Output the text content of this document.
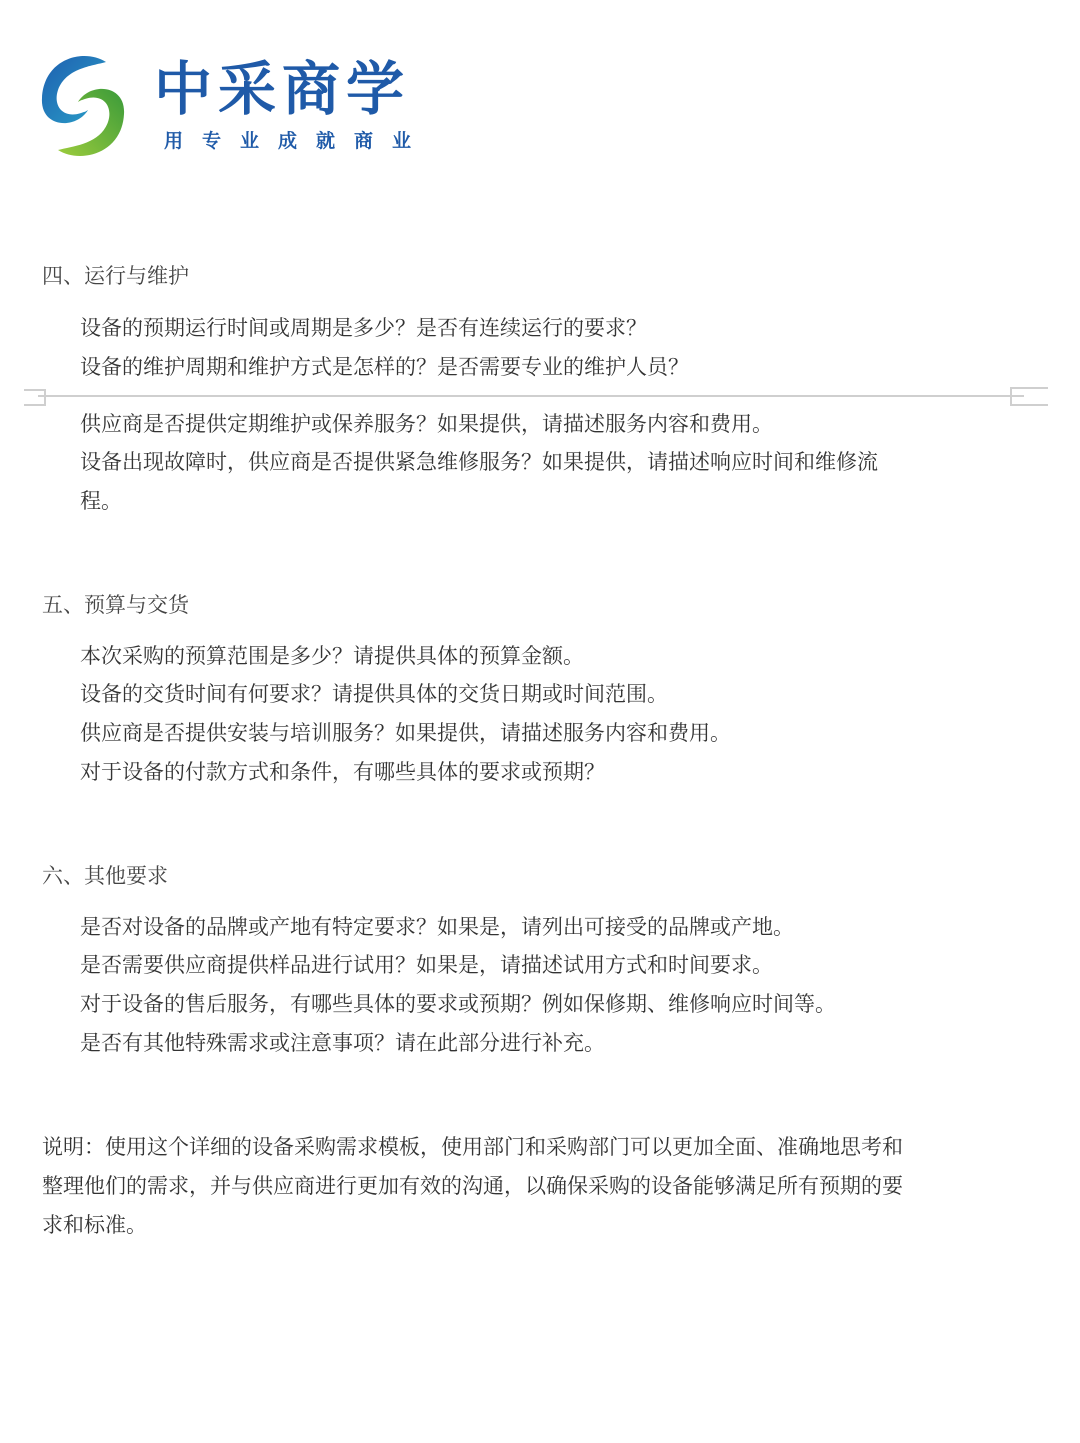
中采商学
用专业成就商业
四、运行与维护
设备的预期运行时间或周期是多少？是否有连续运行的要求？
设备的维护周期和维护方式是怎样的？是否需要专业的维护人员？
供应商是否提供定期维护或保养服务？如果提供，请描述服务内容和费用。
设备出现故障时，供应商是否提供紧急维修服务？如果提供，请描述响应时间和维修流
程。
五、预算与交货
本次采购的预算范围是多少？请提供具体的预算金额。
设备的交货时间有何要求？请提供具体的交货日期或时间范围。
供应商是否提供安装与培训服务？如果提供，请描述服务内容和费用。
对于设备的付款方式和条件，有哪些具体的要求或预期？
六、其他要求
是否对设备的品牌或产地有特定要求？如果是，请列出可接受的品牌或产地。
是否需要供应商提供样品进行试用？如果是，请描述试用方式和时间要求。
对于设备的售后服务，有哪些具体的要求或预期？例如保修期、维修响应时间等。
是否有其他特殊需求或注意事项？请在此部分进行补充。
说明：使用这个详细的设备采购需求模板，使用部门和采购部门可以更加全面、准确地思考和
整理他们的需求，并与供应商进行更加有效的沟通，以确保采购的设备能够满足所有预期的要
求和标准。
